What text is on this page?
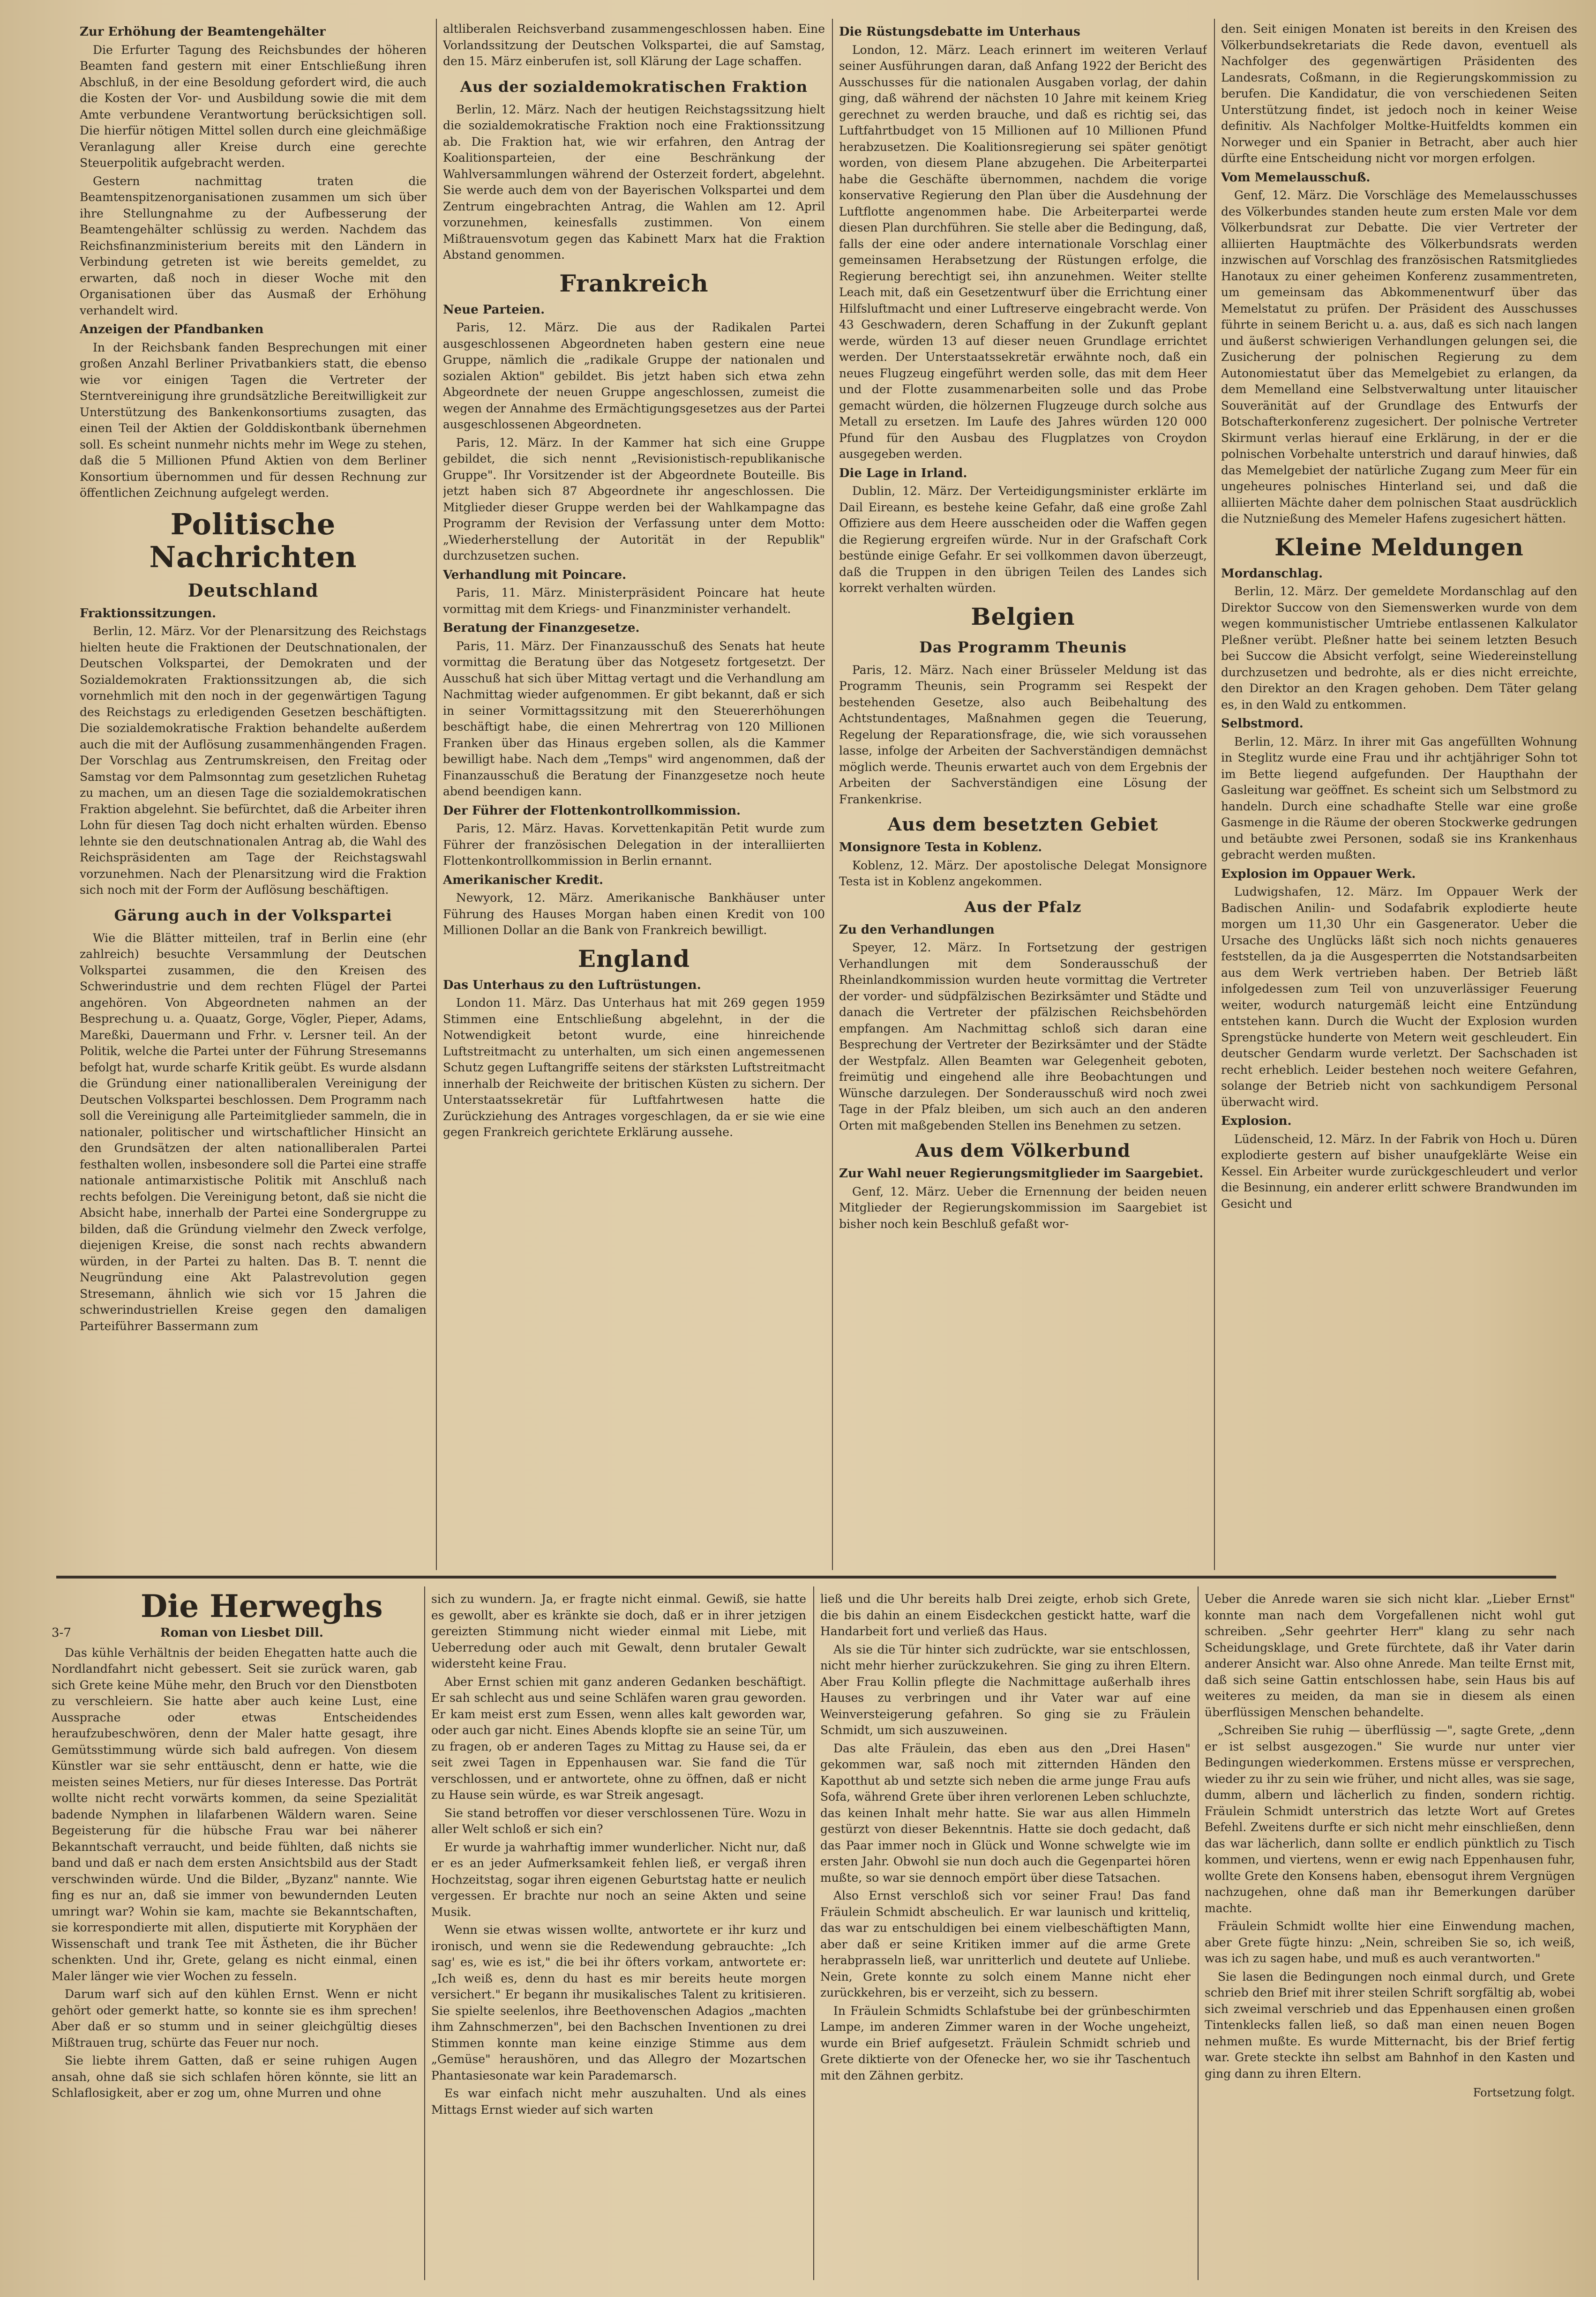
Zur Erhöhung der Beamtengehälter

Die Erfurter Tagung des Reichsbundes der höheren Beamten fand gestern mit einer Entschließung ihren Abschluß, in der eine Besoldung gefordert wird, die auch die Kosten der Vor- und Ausbildung sowie die mit dem Amte verbundene Verantwortung berücksichtigen soll. Die hierfür nötigen Mittel sollen durch eine gleichmäßige Veranlagung aller Kreise durch eine gerechte Steuerpolitik aufgebracht werden.

Gestern nachmittag traten die Beamtenspitzenorganisationen zusammen um sich über ihre Stellungnahme zu der Aufbesserung der Beamtengehälter schlüssig zu werden. Nachdem das Reichsfinanzministerium bereits mit den Ländern in Verbindung getreten ist wie bereits gemeldet, zu erwarten, daß noch in dieser Woche mit den Organisationen über das Ausmaß der Erhöhung verhandelt wird.

Anzeigen der Pfandbanken

In der Reichsbank fanden Besprechungen mit einer großen Anzahl Berliner Privatbankiers statt, die ebenso wie vor einigen Tagen die Vertreter der Sterntvereinigung ihre grundsätzliche Bereitwilligkeit zur Unterstützung des Bankenkonsortiums zusagten, das einen Teil der Aktien der Golddiskontbank übernehmen soll. Es scheint nunmehr nichts mehr im Wege zu stehen, daß die 5 Millionen Pfund Aktien von dem Berliner Konsortium übernommen und für dessen Rechnung zur öffentlichen Zeichnung aufgelegt werden.

Politische Nachrichten
Deutschland
Fraktionssitzungen.

Berlin, 12. März. Vor der Plenarsitzung des Reichstags hielten heute die Fraktionen der Deutschnationalen, der Deutschen Volkspartei, der Demokraten und der Sozialdemokraten Fraktionssitzungen ab, die sich vornehmlich mit den noch in der gegenwärtigen Tagung des Reichstags zu erledigenden Gesetzen beschäftigten. Die sozialdemokratische Fraktion behandelte außerdem auch die mit der Auflösung zusammenhängenden Fragen. Der Vorschlag aus Zentrumskreisen, den Freitag oder Samstag vor dem Palmsonntag zum gesetzlichen Ruhetag zu machen, um an diesen Tage die sozialdemokratischen Fraktion abgelehnt. Sie befürchtet, daß die Arbeiter ihren Lohn für diesen Tag doch nicht erhalten würden. Ebenso lehnte sie den deutschnationalen Antrag ab, die Wahl des Reichspräsidenten am Tage der Reichstagswahl vorzunehmen. Nach der Plenarsitzung wird die Fraktion sich noch mit der Form der Auflösung beschäftigen.

Gärung auch in der Volkspartei

Wie die Blätter mitteilen, traf in Berlin eine (ehr zahlreich) besuchte Versammlung der Deutschen Volkspartei zusammen, die den Kreisen des Schwerindustrie und dem rechten Flügel der Partei angehören. Von Abgeordneten nahmen an der Besprechung u. a. Quaatz, Gorge, Vögler, Pieper, Adams, Mareßki, Dauermann und Frhr. v. Lersner teil. An der Politik, welche die Partei unter der Führung Stresemanns befolgt hat, wurde scharfe Kritik geübt. Es wurde alsdann die Gründung einer nationalliberalen Vereinigung der Deutschen Volkspartei beschlossen. Dem Programm nach soll die Vereinigung alle Parteimitglieder sammeln, die in nationaler, politischer und wirtschaftlicher Hinsicht an den Grundsätzen der alten nationalliberalen Partei festhalten wollen, insbesondere soll die Partei eine straffe nationale antimarxistische Politik mit Anschluß nach rechts befolgen. Die Vereinigung betont, daß sie nicht die Absicht habe, innerhalb der Partei eine Sondergruppe zu bilden, daß die Gründung vielmehr den Zweck verfolge, diejenigen Kreise, die sonst nach rechts abwandern würden, in der Partei zu halten. Das B. T. nennt die Neugründung eine Akt Palastrevolution gegen Stresemann, ähnlich wie sich vor 15 Jahren die schwerindustriellen Kreise gegen den damaligen Parteiführer Bassermann zum

altliberalen Reichsverband zusammengeschlossen haben. Eine Vorlandssitzung der Deutschen Volkspartei, die auf Samstag, den 15. März einberufen ist, soll Klärung der Lage schaffen.

Aus der sozialdemokratischen Fraktion

Berlin, 12. März. Nach der heutigen Reichstagssitzung hielt die sozialdemokratische Fraktion noch eine Fraktionssitzung ab. Die Fraktion hat, wie wir erfahren, den Antrag der Koalitionsparteien, der eine Beschränkung der Wahlversammlungen während der Osterzeit fordert, abgelehnt. Sie werde auch dem von der Bayerischen Volkspartei und dem Zentrum eingebrachten Antrag, die Wahlen am 12. April vorzunehmen, keinesfalls zustimmen. Von einem Mißtrauensvotum gegen das Kabinett Marx hat die Fraktion Abstand genommen.

Frankreich
Neue Parteien.

Paris, 12. März. Die aus der Radikalen Partei ausgeschlossenen Abgeordneten haben gestern eine neue Gruppe, nämlich die „radikale Gruppe der nationalen und sozialen Aktion" gebildet. Bis jetzt haben sich etwa zehn Abgeordnete der neuen Gruppe angeschlossen, zumeist die wegen der Annahme des Ermächtigungsgesetzes aus der Partei ausgeschlossenen Abgeordneten.

Paris, 12. März. In der Kammer hat sich eine Gruppe gebildet, die sich nennt „Revisionistisch-republikanische Gruppe". Ihr Vorsitzender ist der Abgeordnete Bouteille. Bis jetzt haben sich 87 Abgeordnete ihr angeschlossen. Die Mitglieder dieser Gruppe werden bei der Wahlkampagne das Programm der Revision der Verfassung unter dem Motto: „Wiederherstellung der Autorität in der Republik" durchzusetzen suchen.

Verhandlung mit Poincare.

Paris, 11. März. Ministerpräsident Poincare hat heute vormittag mit dem Kriegs- und Finanzminister verhandelt.

Beratung der Finanzgesetze.

Paris, 11. März. Der Finanzausschuß des Senats hat heute vormittag die Beratung über das Notgesetz fortgesetzt. Der Ausschuß hat sich über Mittag vertagt und die Verhandlung am Nachmittag wieder aufgenommen. Er gibt bekannt, daß er sich in seiner Vormittagssitzung mit den Steuererhöhungen beschäftigt habe, die einen Mehrertrag von 120 Millionen Franken über das Hinaus ergeben sollen, als die Kammer bewilligt habe. Nach dem „Temps" wird angenommen, daß der Finanzausschuß die Beratung der Finanzgesetze noch heute abend beendigen kann.

Der Führer der Flottenkontrollkommission.

Paris, 12. März. Havas. Korvettenkapitän Petit wurde zum Führer der französischen Delegation in der interalliierten Flottenkontrollkommission in Berlin ernannt.

Amerikanischer Kredit.

Newyork, 12. März. Amerikanische Bankhäuser unter Führung des Hauses Morgan haben einen Kredit von 100 Millionen Dollar an die Bank von Frankreich bewilligt.

England
Das Unterhaus zu den Luftrüstungen.

London 11. März. Das Unterhaus hat mit 269 gegen 1959 Stimmen eine Entschließung abgelehnt, in der die Notwendigkeit betont wurde, eine hinreichende Luftstreitmacht zu unterhalten, um sich einen angemessenen Schutz gegen Luftangriffe seitens der stärksten Luftstreitmacht innerhalb der Reichweite der britischen Küsten zu sichern. Der Unterstaatssekretär für Luftfahrtwesen hatte die Zurückziehung des Antrages vorgeschlagen, da er sie wie eine gegen Frankreich gerichtete Erklärung aussehe.

Die Rüstungsdebatte im Unterhaus

London, 12. März. Leach erinnert im weiteren Verlauf seiner Ausführungen daran, daß Anfang 1922 der Bericht des Ausschusses für die nationalen Ausgaben vorlag, der dahin ging, daß während der nächsten 10 Jahre mit keinem Krieg gerechnet zu werden brauche, und daß es richtig sei, das Luftfahrtbudget von 15 Millionen auf 10 Millionen Pfund herabzusetzen. Die Koalitionsregierung sei später genötigt worden, von diesem Plane abzugehen. Die Arbeiterpartei habe die Geschäfte übernommen, nachdem die vorige konservative Regierung den Plan über die Ausdehnung der Luftflotte angenommen habe. Die Arbeiterpartei werde diesen Plan durchführen. Sie stelle aber die Bedingung, daß, falls der eine oder andere internationale Vorschlag einer gemeinsamen Herabsetzung der Rüstungen erfolge, die Regierung berechtigt sei, ihn anzunehmen. Weiter stellte Leach mit, daß ein Gesetzentwurf über die Errichtung einer Hilfsluftmacht und einer Luftreserve eingebracht werde. Von 43 Geschwadern, deren Schaffung in der Zukunft geplant werde, würden 13 auf dieser neuen Grundlage errichtet werden. Der Unterstaatssekretär erwähnte noch, daß ein neues Flugzeug eingeführt werden solle, das mit dem Heer und der Flotte zusammenarbeiten solle und das Probe gemacht würden, die hölzernen Flugzeuge durch solche aus Metall zu ersetzen. Im Laufe des Jahres würden 120 000 Pfund für den Ausbau des Flugplatzes von Croydon ausgegeben werden.

Die Lage in Irland.

Dublin, 12. März. Der Verteidigungsminister erklärte im Dail Eireann, es bestehe keine Gefahr, daß eine große Zahl Offiziere aus dem Heere ausscheiden oder die Waffen gegen die Regierung ergreifen würde. Nur in der Grafschaft Cork bestünde einige Gefahr. Er sei vollkommen davon überzeugt, daß die Truppen in den übrigen Teilen des Landes sich korrekt verhalten würden.

Belgien
Das Programm Theunis

Paris, 12. März. Nach einer Brüsseler Meldung ist das Programm Theunis, sein Programm sei Respekt der bestehenden Gesetze, also auch Beibehaltung des Achtstundentages, Maßnahmen gegen die Teuerung, Regelung der Reparationsfrage, die, wie sich voraussehen lasse, infolge der Arbeiten der Sachverständigen demnächst möglich werde. Theunis erwartet auch von dem Ergebnis der Arbeiten der Sachverständigen eine Lösung der Frankenkrise.

Aus dem besetzten Gebiet
Monsignore Testa in Koblenz.

Koblenz, 12. März. Der apostolische Delegat Monsignore Testa ist in Koblenz angekommen.

Aus der Pfalz
Zu den Verhandlungen

Speyer, 12. März. In Fortsetzung der gestrigen Verhandlungen mit dem Sonderausschuß der Rheinlandkommission wurden heute vormittag die Vertreter der vorder- und südpfälzischen Bezirksämter und Städte und danach die Vertreter der pfälzischen Reichsbehörden empfangen. Am Nachmittag schloß sich daran eine Besprechung der Vertreter der Bezirksämter und der Städte der Westpfalz. Allen Beamten war Gelegenheit geboten, freimütig und eingehend alle ihre Beobachtungen und Wünsche darzulegen. Der Sonderausschuß wird noch zwei Tage in der Pfalz bleiben, um sich auch an den anderen Orten mit maßgebenden Stellen ins Benehmen zu setzen.

Aus dem Völkerbund
Zur Wahl neuer Regierungsmitglieder im Saargebiet.

Genf, 12. März. Ueber die Ernennung der beiden neuen Mitglieder der Regierungskommission im Saargebiet ist bisher noch kein Beschluß gefaßt wor-

den. Seit einigen Monaten ist bereits in den Kreisen des Völkerbundsekretariats die Rede davon, eventuell als Nachfolger des gegenwärtigen Präsidenten des Landesrats, Coßmann, in die Regierungskommission zu berufen. Die Kandidatur, die von verschiedenen Seiten Unterstützung findet, ist jedoch noch in keiner Weise definitiv. Als Nachfolger Moltke-Huitfeldts kommen ein Norweger und ein Spanier in Betracht, aber auch hier dürfte eine Entscheidung nicht vor morgen erfolgen.

Vom Memelausschuß.

Genf, 12. März. Die Vorschläge des Memelausschusses des Völkerbundes standen heute zum ersten Male vor dem Völkerbundsrat zur Debatte. Die vier Vertreter der alliierten Hauptmächte des Völkerbundsrats werden inzwischen auf Vorschlag des französischen Ratsmitgliedes Hanotaux zu einer geheimen Konferenz zusammentreten, um gemeinsam das Abkommenentwurf über das Memelstatut zu prüfen. Der Präsident des Ausschusses führte in seinem Bericht u. a. aus, daß es sich nach langen und äußerst schwierigen Verhandlungen gelungen sei, die Zusicherung der polnischen Regierung zu dem Autonomiestatut über das Memelgebiet zu erlangen, da dem Memelland eine Selbstverwaltung unter litauischer Souveränität auf der Grundlage des Entwurfs der Botschafterkonferenz zugesichert. Der polnische Vertreter Skirmunt verlas hierauf eine Erklärung, in der er die polnischen Vorbehalte unterstrich und darauf hinwies, daß das Memelgebiet der natürliche Zugang zum Meer für ein ungeheures polnisches Hinterland sei, und daß die alliierten Mächte daher dem polnischen Staat ausdrücklich die Nutznießung des Memeler Hafens zugesichert hätten.

Kleine Meldungen
Mordanschlag.

Berlin, 12. März. Der gemeldete Mordanschlag auf den Direktor Succow von den Siemenswerken wurde von dem wegen kommunistischer Umtriebe entlassenen Kalkulator Pleßner verübt. Pleßner hatte bei seinem letzten Besuch bei Succow die Absicht verfolgt, seine Wiedereinstellung durchzusetzen und bedrohte, als er dies nicht erreichte, den Direktor an den Kragen gehoben. Dem Täter gelang es, in den Wald zu entkommen.

Selbstmord.

Berlin, 12. März. In ihrer mit Gas angefüllten Wohnung in Steglitz wurde eine Frau und ihr achtjähriger Sohn tot im Bette liegend aufgefunden. Der Haupthahn der Gasleitung war geöffnet. Es scheint sich um Selbstmord zu handeln. Durch eine schadhafte Stelle war eine große Gasmenge in die Räume der oberen Stockwerke gedrungen und betäubte zwei Personen, sodaß sie ins Krankenhaus gebracht werden mußten.

Explosion im Oppauer Werk.

Ludwigshafen, 12. März. Im Oppauer Werk der Badischen Anilin- und Sodafabrik explodierte heute morgen um 11,30 Uhr ein Gasgenerator. Ueber die Ursache des Unglücks läßt sich noch nichts genaueres feststellen, da ja die Ausgesperrten die Notstandsarbeiten aus dem Werk vertrieben haben. Der Betrieb läßt infolgedessen zum Teil von unzuverlässiger Feuerung weiter, wodurch naturgemäß leicht eine Entzündung entstehen kann. Durch die Wucht der Explosion wurden Sprengstücke hunderte von Metern weit geschleudert. Ein deutscher Gendarm wurde verletzt. Der Sachschaden ist recht erheblich. Leider bestehen noch weitere Gefahren, solange der Betrieb nicht von sachkundigem Personal überwacht wird.

Explosion.

Lüdenscheid, 12. März. In der Fabrik von Hoch u. Düren explodierte gestern auf bisher unaufgeklärte Weise ein Kessel. Ein Arbeiter wurde zurückgeschleudert und verlor die Besinnung, ein anderer erlitt schwere Brandwunden im Gesicht und

Die Herweghs
3-7	Roman von Liesbet Dill.

Das kühle Verhältnis der beiden Ehegatten hatte auch die Nordlandfahrt nicht gebessert. Seit sie zurück waren, gab sich Grete keine Mühe mehr, den Bruch vor den Dienstboten zu verschleiern. Sie hatte aber auch keine Lust, eine Aussprache oder etwas Entscheidendes heraufzubeschwören, denn der Maler hatte gesagt, ihre Gemütsstimmung würde sich bald aufregen. Von diesem Künstler war sie sehr enttäuscht, denn er hatte, wie die meisten seines Metiers, nur für dieses Interesse. Das Porträt wollte nicht recht vorwärts kommen, da seine Spezialität badende Nymphen in lilafarbenen Wäldern waren. Seine Begeisterung für die hübsche Frau war bei näherer Bekanntschaft verraucht, und beide fühlten, daß nichts sie band und daß er nach dem ersten Ansichtsbild aus der Stadt verschwinden würde. Und die Bilder, „Byzanz" nannte. Wie fing es nur an, daß sie immer von bewundernden Leuten umringt war? Wohin sie kam, machte sie Bekanntschaften, sie korrespondierte mit allen, disputierte mit Koryphäen der Wissenschaft und trank Tee mit Ästheten, die ihr Bücher schenkten. Und ihr, Grete, gelang es nicht einmal, einen Maler länger wie vier Wochen zu fesseln.

Darum warf sich auf den kühlen Ernst. Wenn er nicht gehört oder gemerkt hatte, so konnte sie es ihm sprechen! Aber daß er so stumm und in seiner gleichgültig dieses Mißtrauen trug, schürte das Feuer nur noch.

Sie liebte ihrem Gatten, daß er seine ruhigen Augen ansah, ohne daß sie sich schlafen hören könnte, sie litt an Schlaflosigkeit, aber er zog um, ohne Murren und ohne

sich zu wundern. Ja, er fragte nicht einmal. Gewiß, sie hatte es gewollt, aber es kränkte sie doch, daß er in ihrer jetzigen gereizten Stimmung nicht wieder einmal mit Liebe, mit Ueberredung oder auch mit Gewalt, denn brutaler Gewalt widersteht keine Frau.

Aber Ernst schien mit ganz anderen Gedanken beschäftigt. Er sah schlecht aus und seine Schläfen waren grau geworden. Er kam meist erst zum Essen, wenn alles kalt geworden war, oder auch gar nicht. Eines Abends klopfte sie an seine Tür, um zu fragen, ob er anderen Tages zu Mittag zu Hause sei, da er seit zwei Tagen in Eppenhausen war. Sie fand die Tür verschlossen, und er antwortete, ohne zu öffnen, daß er nicht zu Hause sein würde, es war Streik angesagt.

Sie stand betroffen vor dieser verschlossenen Türe. Wozu in aller Welt schloß er sich ein?

Er wurde ja wahrhaftig immer wunderlicher. Nicht nur, daß er es an jeder Aufmerksamkeit fehlen ließ, er vergaß ihren Hochzeitstag, sogar ihren eigenen Geburtstag hatte er neulich vergessen. Er brachte nur noch an seine Akten und seine Musik.

Wenn sie etwas wissen wollte, antwortete er ihr kurz und ironisch, und wenn sie die Redewendung gebrauchte: „Ich sag' es, wie es ist," die bei ihr öfters vorkam, antwortete er: „Ich weiß es, denn du hast es mir bereits heute morgen versichert." Er begann ihr musikalisches Talent zu kritisieren. Sie spielte seelenlos, ihre Beethovenschen Adagios „machten ihm Zahnschmerzen", bei den Bachschen Inventionen zu drei Stimmen konnte man keine einzige Stimme aus dem „Gemüse" heraushören, und das Allegro der Mozartschen Phantasiesonate war kein Parademarsch.

Es war einfach nicht mehr auszuhalten. Und als eines Mittags Ernst wieder auf sich warten

ließ und die Uhr bereits halb Drei zeigte, erhob sich Grete, die bis dahin an einem Eisdeckchen gestickt hatte, warf die Handarbeit fort und verließ das Haus.

Als sie die Tür hinter sich zudrückte, war sie entschlossen, nicht mehr hierher zurückzukehren. Sie ging zu ihren Eltern. Aber Frau Kollin pflegte die Nachmittage außerhalb ihres Hauses zu verbringen und ihr Vater war auf eine Weinversteigerung gefahren. So ging sie zu Fräulein Schmidt, um sich auszuweinen.

Das alte Fräulein, das eben aus den „Drei Hasen" gekommen war, saß noch mit zitternden Händen den Kapotthut ab und setzte sich neben die arme junge Frau aufs Sofa, während Grete über ihren verlorenen Leben schluchzte, das keinen Inhalt mehr hatte. Sie war aus allen Himmeln gestürzt von dieser Bekenntnis. Hatte sie doch gedacht, daß das Paar immer noch in Glück und Wonne schwelgte wie im ersten Jahr. Obwohl sie nun doch auch die Gegenpartei hören mußte, so war sie dennoch empört über diese Tatsachen.

Also Ernst verschloß sich vor seiner Frau! Das fand Fräulein Schmidt abscheulich. Er war launisch und kritteliq, das war zu entschuldigen bei einem vielbeschäftigten Mann, aber daß er seine Kritiken immer auf die arme Grete herabprasseln ließ, war unritterlich und deutete auf Unliebe. Nein, Grete konnte zu solch einem Manne nicht eher zurückkehren, bis er verzeiht, sich zu bessern.

In Fräulein Schmidts Schlafstube bei der grünbeschirmten Lampe, im anderen Zimmer waren in der Woche ungeheizt, wurde ein Brief aufgesetzt. Fräulein Schmidt schrieb und Grete diktierte von der Ofenecke her, wo sie ihr Taschentuch mit den Zähnen gerbitz.

Ueber die Anrede waren sie sich nicht klar. „Lieber Ernst" konnte man nach dem Vorgefallenen nicht wohl gut schreiben. „Sehr geehrter Herr" klang zu sehr nach Scheidungsklage, und Grete fürchtete, daß ihr Vater darin anderer Ansicht war. Also ohne Anrede. Man teilte Ernst mit, daß sich seine Gattin entschlossen habe, sein Haus bis auf weiteres zu meiden, da man sie in diesem als einen überflüssigen Menschen behandelte.

„Schreiben Sie ruhig — überflüssig —", sagte Grete, „denn er ist selbst ausgezogen." Sie wurde nur unter vier Bedingungen wiederkommen. Erstens müsse er versprechen, wieder zu ihr zu sein wie früher, und nicht alles, was sie sage, dumm, albern und lächerlich zu finden, sondern richtig. Fräulein Schmidt unterstrich das letzte Wort auf Gretes Befehl. Zweitens durfte er sich nicht mehr einschließen, denn das war lächerlich, dann sollte er endlich pünktlich zu Tisch kommen, und viertens, wenn er ewig nach Eppenhausen fuhr, wollte Grete den Konsens haben, ebensogut ihrem Vergnügen nachzugehen, ohne daß man ihr Bemerkungen darüber machte.

Fräulein Schmidt wollte hier eine Einwendung machen, aber Grete fügte hinzu: „Nein, schreiben Sie so, ich weiß, was ich zu sagen habe, und muß es auch verantworten."

Sie lasen die Bedingungen noch einmal durch, und Grete schrieb den Brief mit ihrer steilen Schrift sorgfältig ab, wobei sich zweimal verschrieb und das Eppenhausen einen großen Tintenklecks fallen ließ, so daß man einen neuen Bogen nehmen mußte. Es wurde Mitternacht, bis der Brief fertig war. Grete steckte ihn selbst am Bahnhof in den Kasten und ging dann zu ihren Eltern.

Fortsetzung folgt.
